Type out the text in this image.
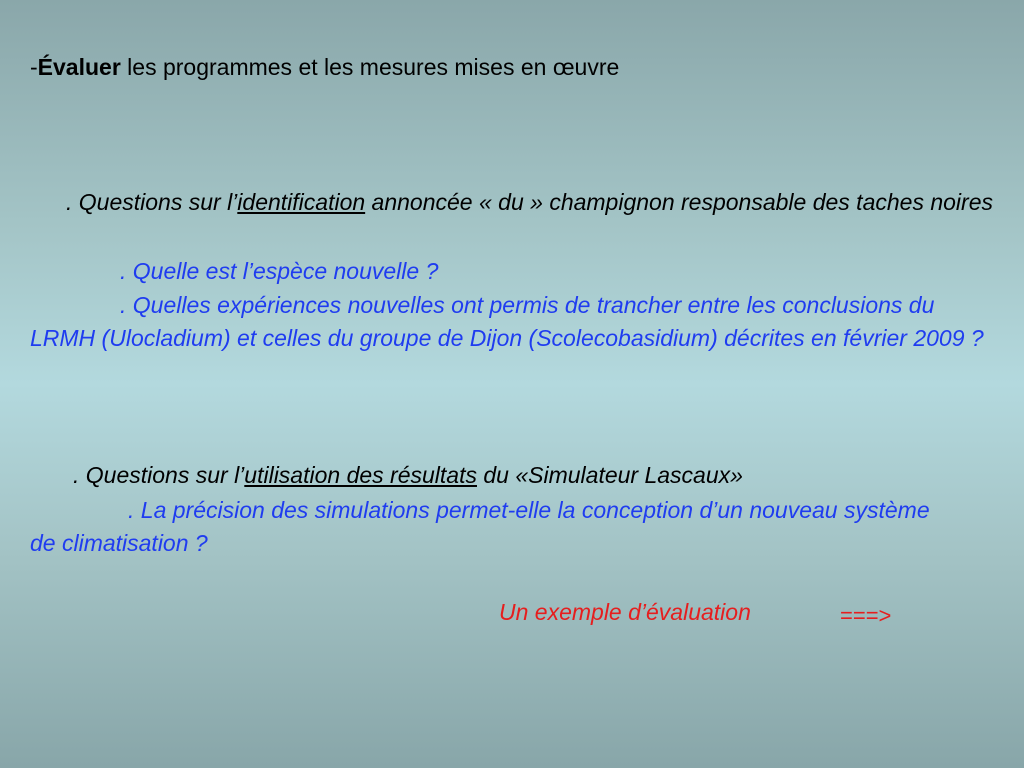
-Évaluer les programmes et les mesures mises en œuvre
. Questions sur l’identification annoncée « du » champignon responsable des taches noires
. Quelle est l’espèce nouvelle ?
. Quelles expériences nouvelles ont permis de trancher entre les conclusions du LRMH (Ulocladium) et celles du groupe de Dijon (Scolecobasidium) décrites en février 2009 ?
. Questions sur l’utilisation des résultats du «Simulateur Lascaux»
. La précision des simulations permet-elle la conception d’un nouveau système de climatisation ?
Un exemple d’évaluation	===>
